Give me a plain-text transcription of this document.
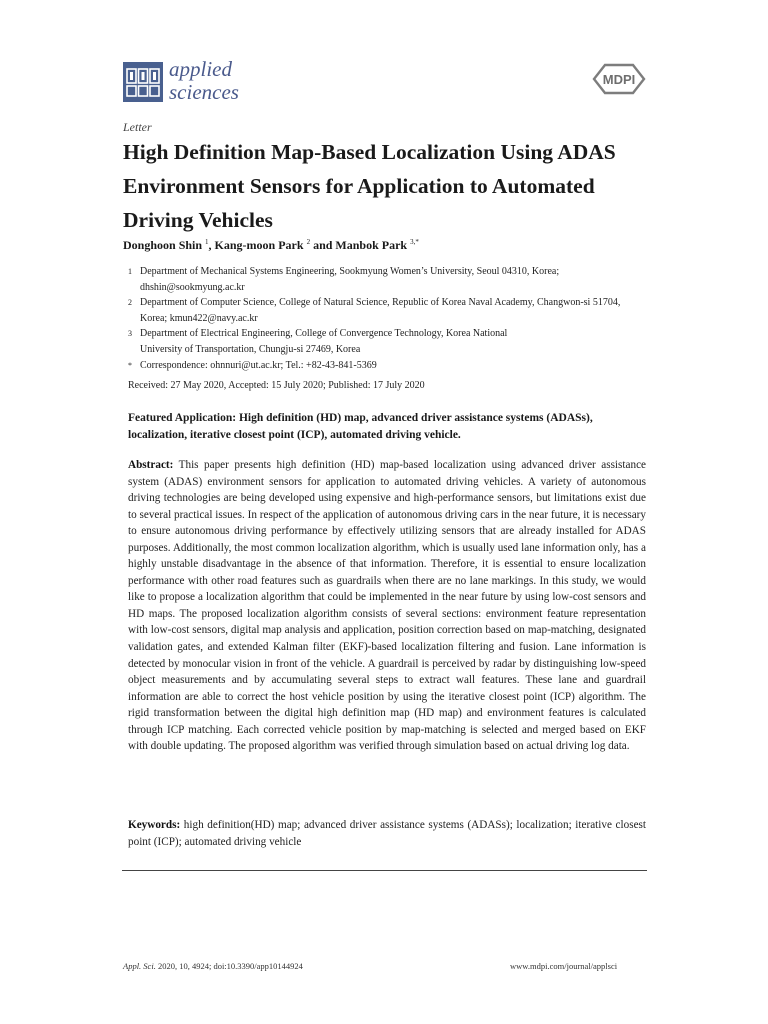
applied
sciences
MDPI
Letter
High Definition Map-Based Localization Using ADAS Environment Sensors for Application to Automated Driving Vehicles
Donghoon Shin $^1$, Kang-moon Park $^2$ and Manbok Park $^{3,*}$
1 Department of Mechanical Systems Engineering, Sookmyung Women’s University, Seoul 04310, Korea; dhshin@sookmyung.ac.kr
2 Department of Computer Science, College of Natural Science, Republic of Korea Naval Academy, Changwon-si 51704, Korea; kmun422@navy.ac.kr
3 Department of Electrical Engineering, College of Convergence Technology, Korea National University of Transportation, Chungju-si 27469, Korea
* Correspondence: ohnnuri@ut.ac.kr; Tel.: +82-43-841-5369
Received: 27 May 2020, Accepted: 15 July 2020; Published: 17 July 2020
Featured Application: High definition (HD) map, advanced driver assistance systems (ADASs), localization, iterative closest point (ICP), automated driving vehicle.
Abstract: This paper presents high definition (HD) map-based localization using advanced driver assistance system (ADAS) environment sensors for application to automated driving vehicles. A variety of autonomous driving technologies are being developed using expensive and high-performance sensors, but limitations exist due to several practical issues. In respect of the application of autonomous driving cars in the near future, it is necessary to ensure autonomous driving performance by effectively utilizing sensors that are already installed for ADAS purposes. Additionally, the most common localization algorithm, which is usually used lane information only, has a highly unstable disadvantage in the absence of that information. Therefore, it is essential to ensure localization performance with other road features such as guardrails when there are no lane markings. In this study, we would like to propose a localization algorithm that could be implemented in the near future by using low-cost sensors and HD maps. The proposed localization algorithm consists of several sections: environment feature representation with low-cost sensors, digital map analysis and application, position correction based on map-matching, designated validation gates, and extended Kalman filter (EKF)-based localization filtering and fusion. Lane information is detected by monocular vision in front of the vehicle. A guardrail is perceived by radar by distinguishing low-speed object measurements and by accumulating several steps to extract wall features. These lane and guardrail information are able to correct the host vehicle position by using the iterative closest point (ICP) algorithm. The rigid transformation between the digital high definition map (HD map) and environment features is calculated through ICP matching. Each corrected vehicle position by map-matching is selected and merged based on EKF with double updating. The proposed algorithm was verified through simulation based on actual driving log data.
Keywords: high definition(HD) map; advanced driver assistance systems (ADASs); localization; iterative closest point (ICP); automated driving vehicle
Appl. Sci. 2020, 10, 4924; doi:10.3390/app10144924	www.mdpi.com/journal/applsci
